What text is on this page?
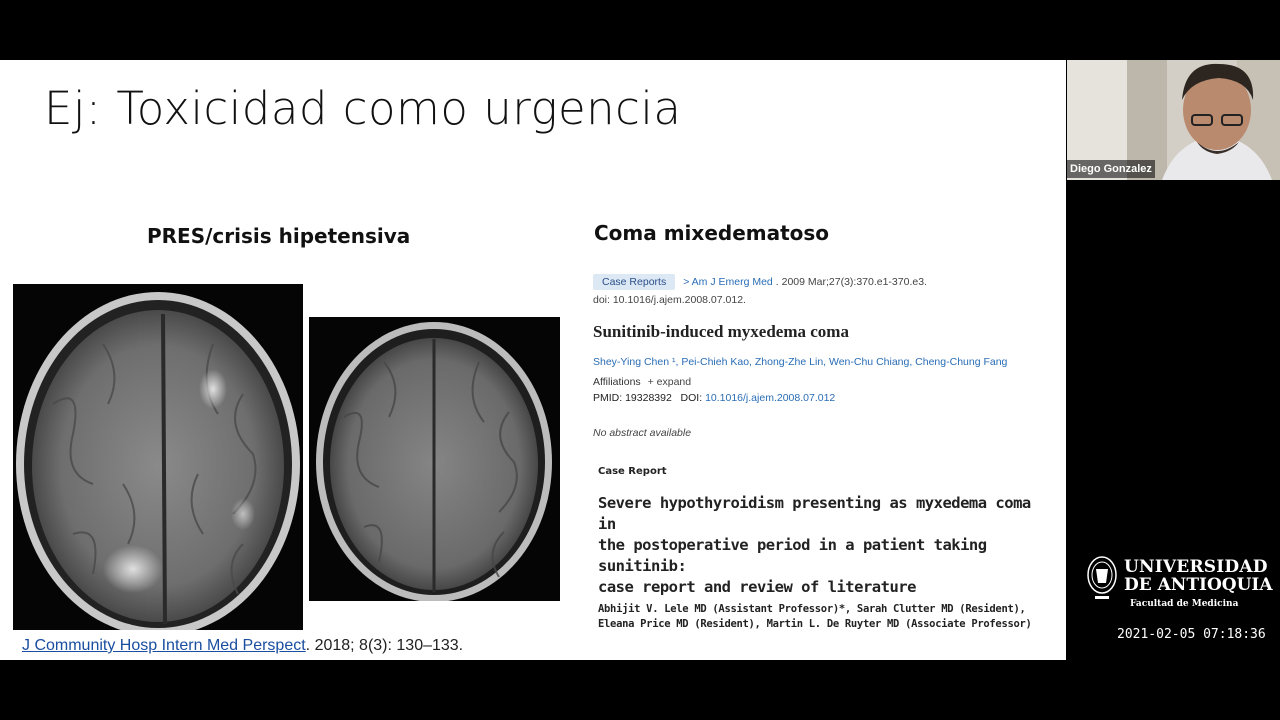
Ej: Toxicidad como urgencia
PRES/crisis hipetensiva	Coma mixedematoso
J Community Hosp Intern Med Perspect. 2018; 8(3): 130–133.
Case Reports	> Am J Emerg Med . 2009 Mar;27(3):370.e1-370.e3.
doi: 10.1016/j.ajem.2008.07.012.
Sunitinib-induced myxedema coma
Shey-Ying Chen ¹, Pei-Chieh Kao, Zhong-Zhe Lin, Wen-Chu Chiang, Cheng-Chung Fang
Affiliations + expand
PMID: 19328392   DOI: 10.1016/j.ajem.2008.07.012
No abstract available
Case Report
Severe hypothyroidism presenting as myxedema coma in
the postoperative period in a patient taking sunitinib:
case report and review of literature
Abhijit V. Lele MD (Assistant Professor)*, Sarah Clutter MD (Resident),
Eleana Price MD (Resident), Martin L. De Ruyter MD (Associate Professor)
Diego Gonzalez
UNIVERSIDAD
DE ANTIOQUIA
Facultad de Medicina
2021-02-05 07:18:36
